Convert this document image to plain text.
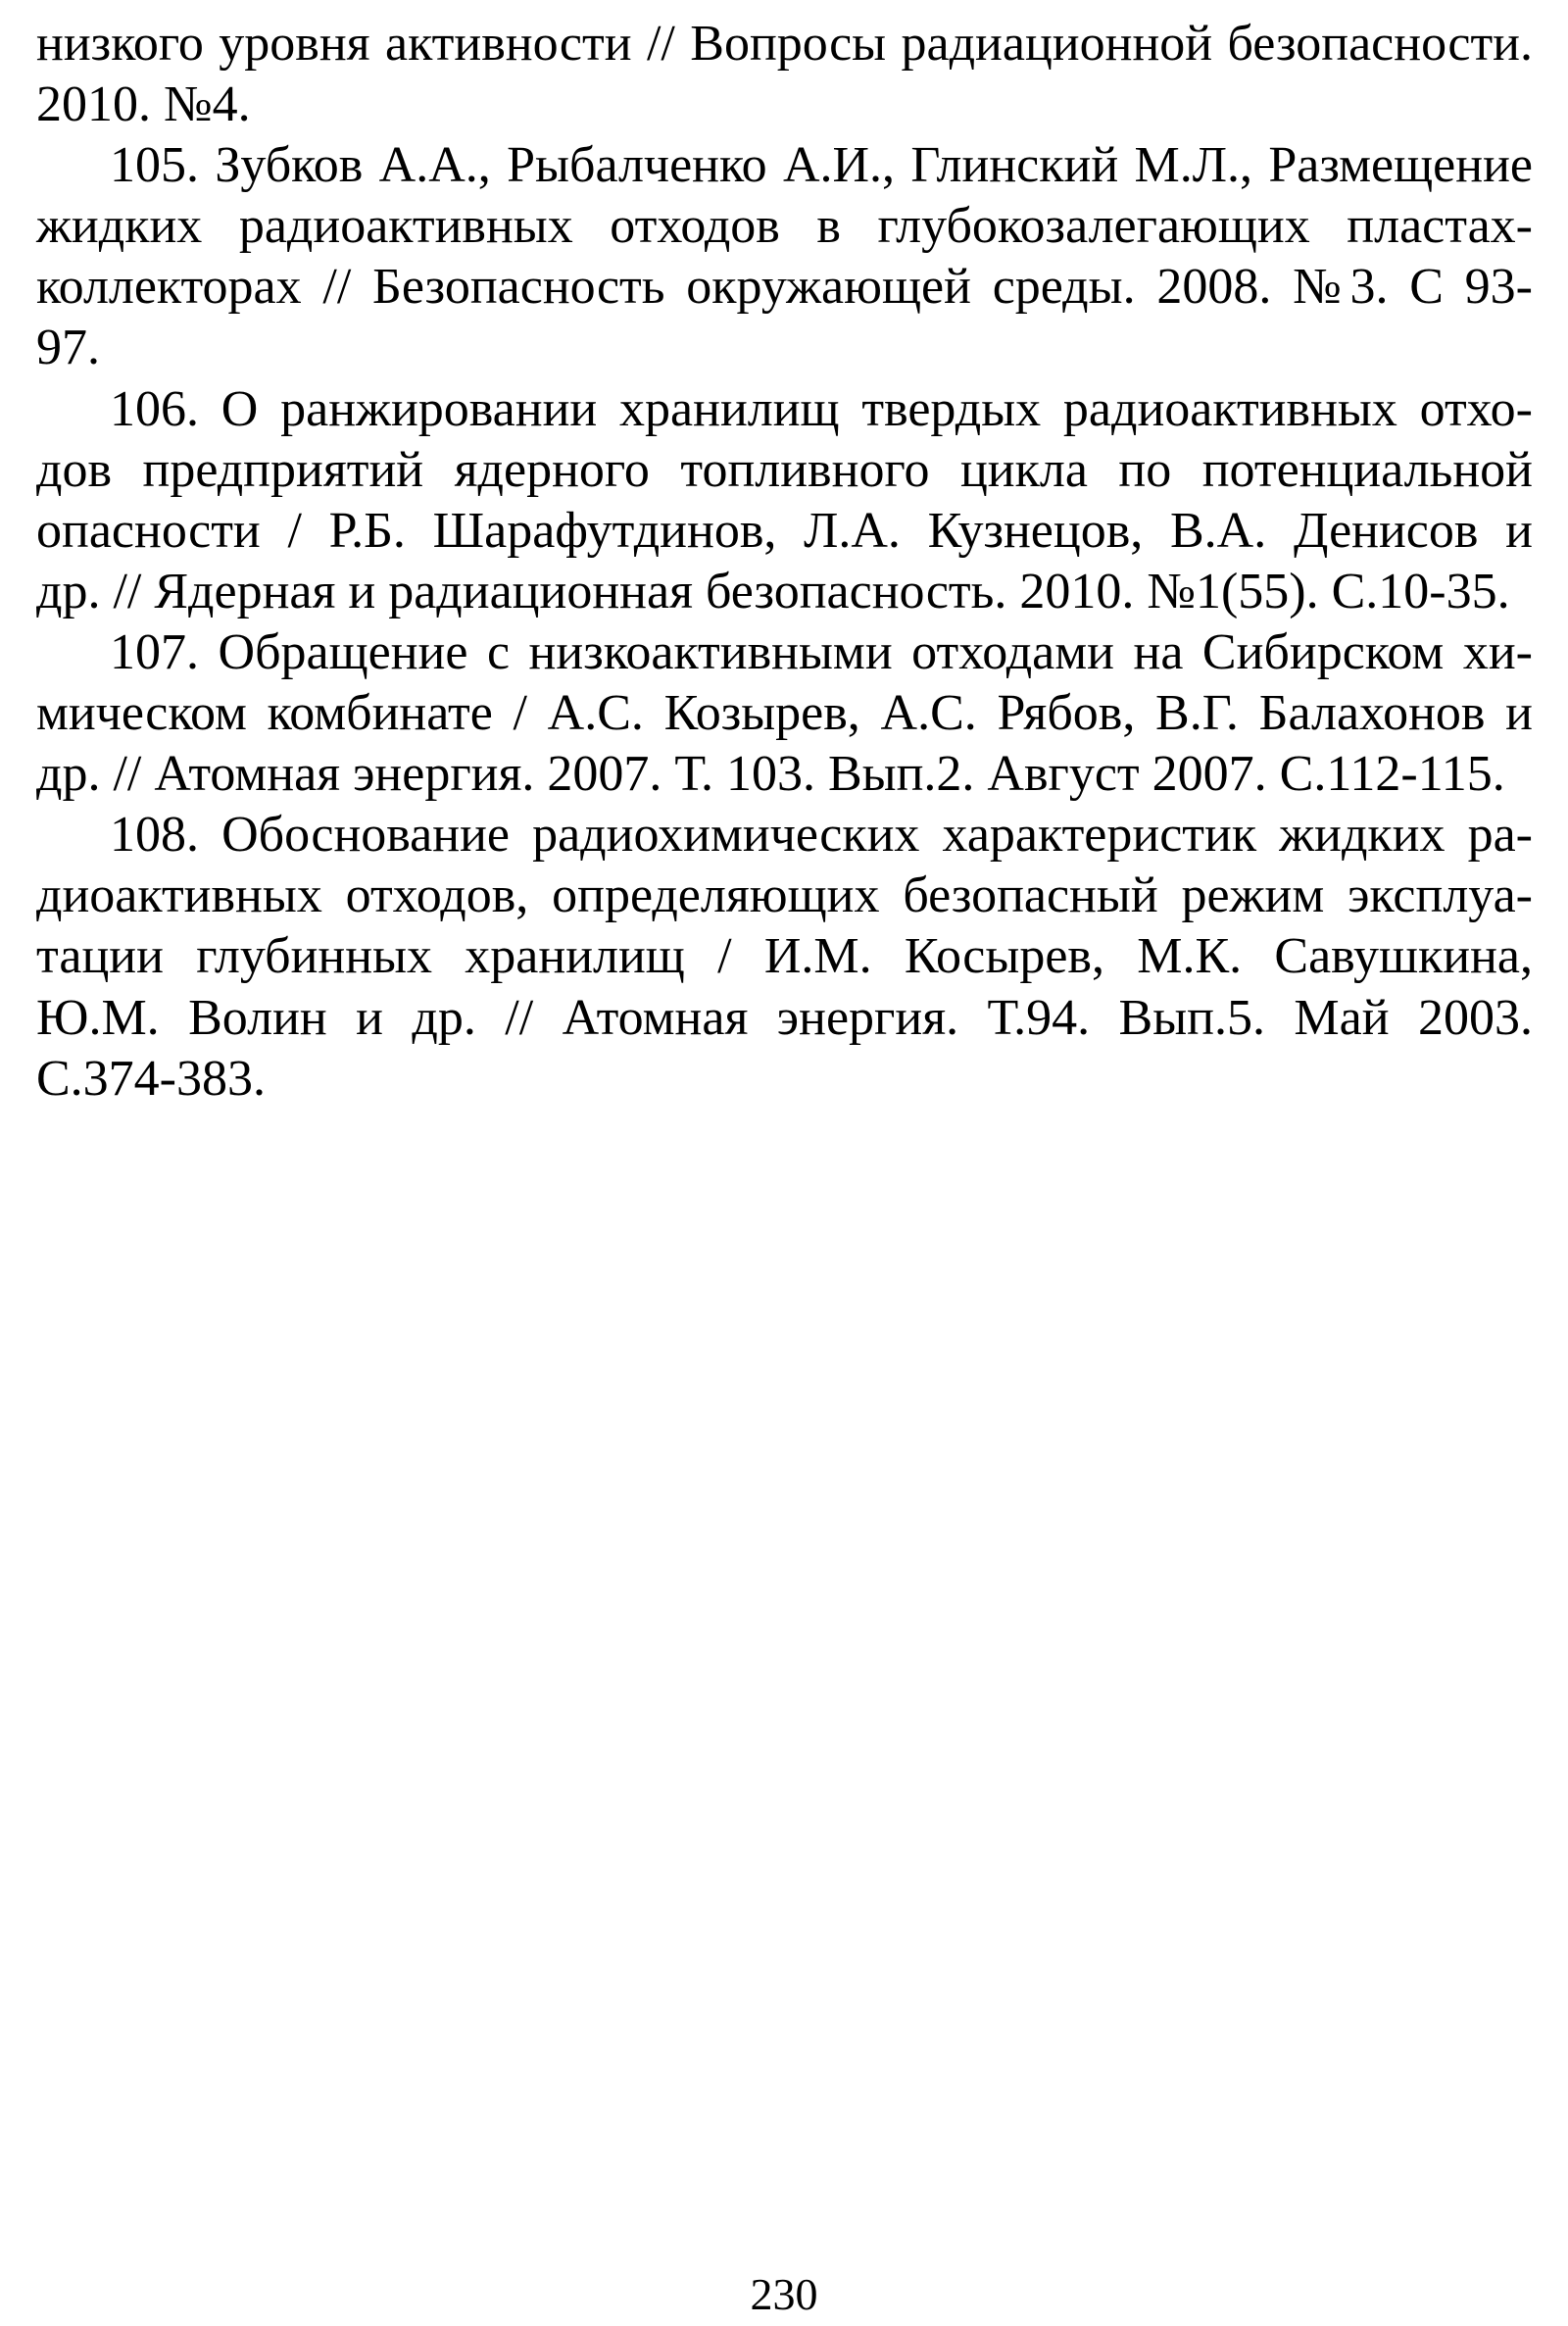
низкого уровня активности // Вопросы радиационной безопасности.
2010. №4.
105. Зубков А.А., Рыбалченко А.И., Глинский М.Л., Размещение
жидких радиоактивных отходов в глубокозалегающих пластах-
коллекторах // Безопасность окружающей среды. 2008. №3. С 93-
97.
106. О ранжировании хранилищ твердых радиоактивных отхо-
дов предприятий ядерного топливного цикла по потенциальной
опасности / Р.Б. Шарафутдинов, Л.А. Кузнецов, В.А. Денисов и
др. // Ядерная и радиационная безопасность. 2010. №1(55). С.10-35.
107. Обращение с низкоактивными отходами на Сибирском хи-
мическом комбинате / А.С. Козырев, А.С. Рябов, В.Г. Балахонов и
др. // Атомная энергия. 2007. Т. 103. Вып.2. Август 2007. С.112-115.
108. Обоснование радиохимических характеристик жидких ра-
диоактивных отходов, определяющих безопасный режим эксплуа-
тации глубинных хранилищ / И.М. Косырев, М.К. Савушкина,
Ю.М. Волин и др. // Атомная энергия. Т.94. Вып.5. Май 2003.
С.374-383.
230
